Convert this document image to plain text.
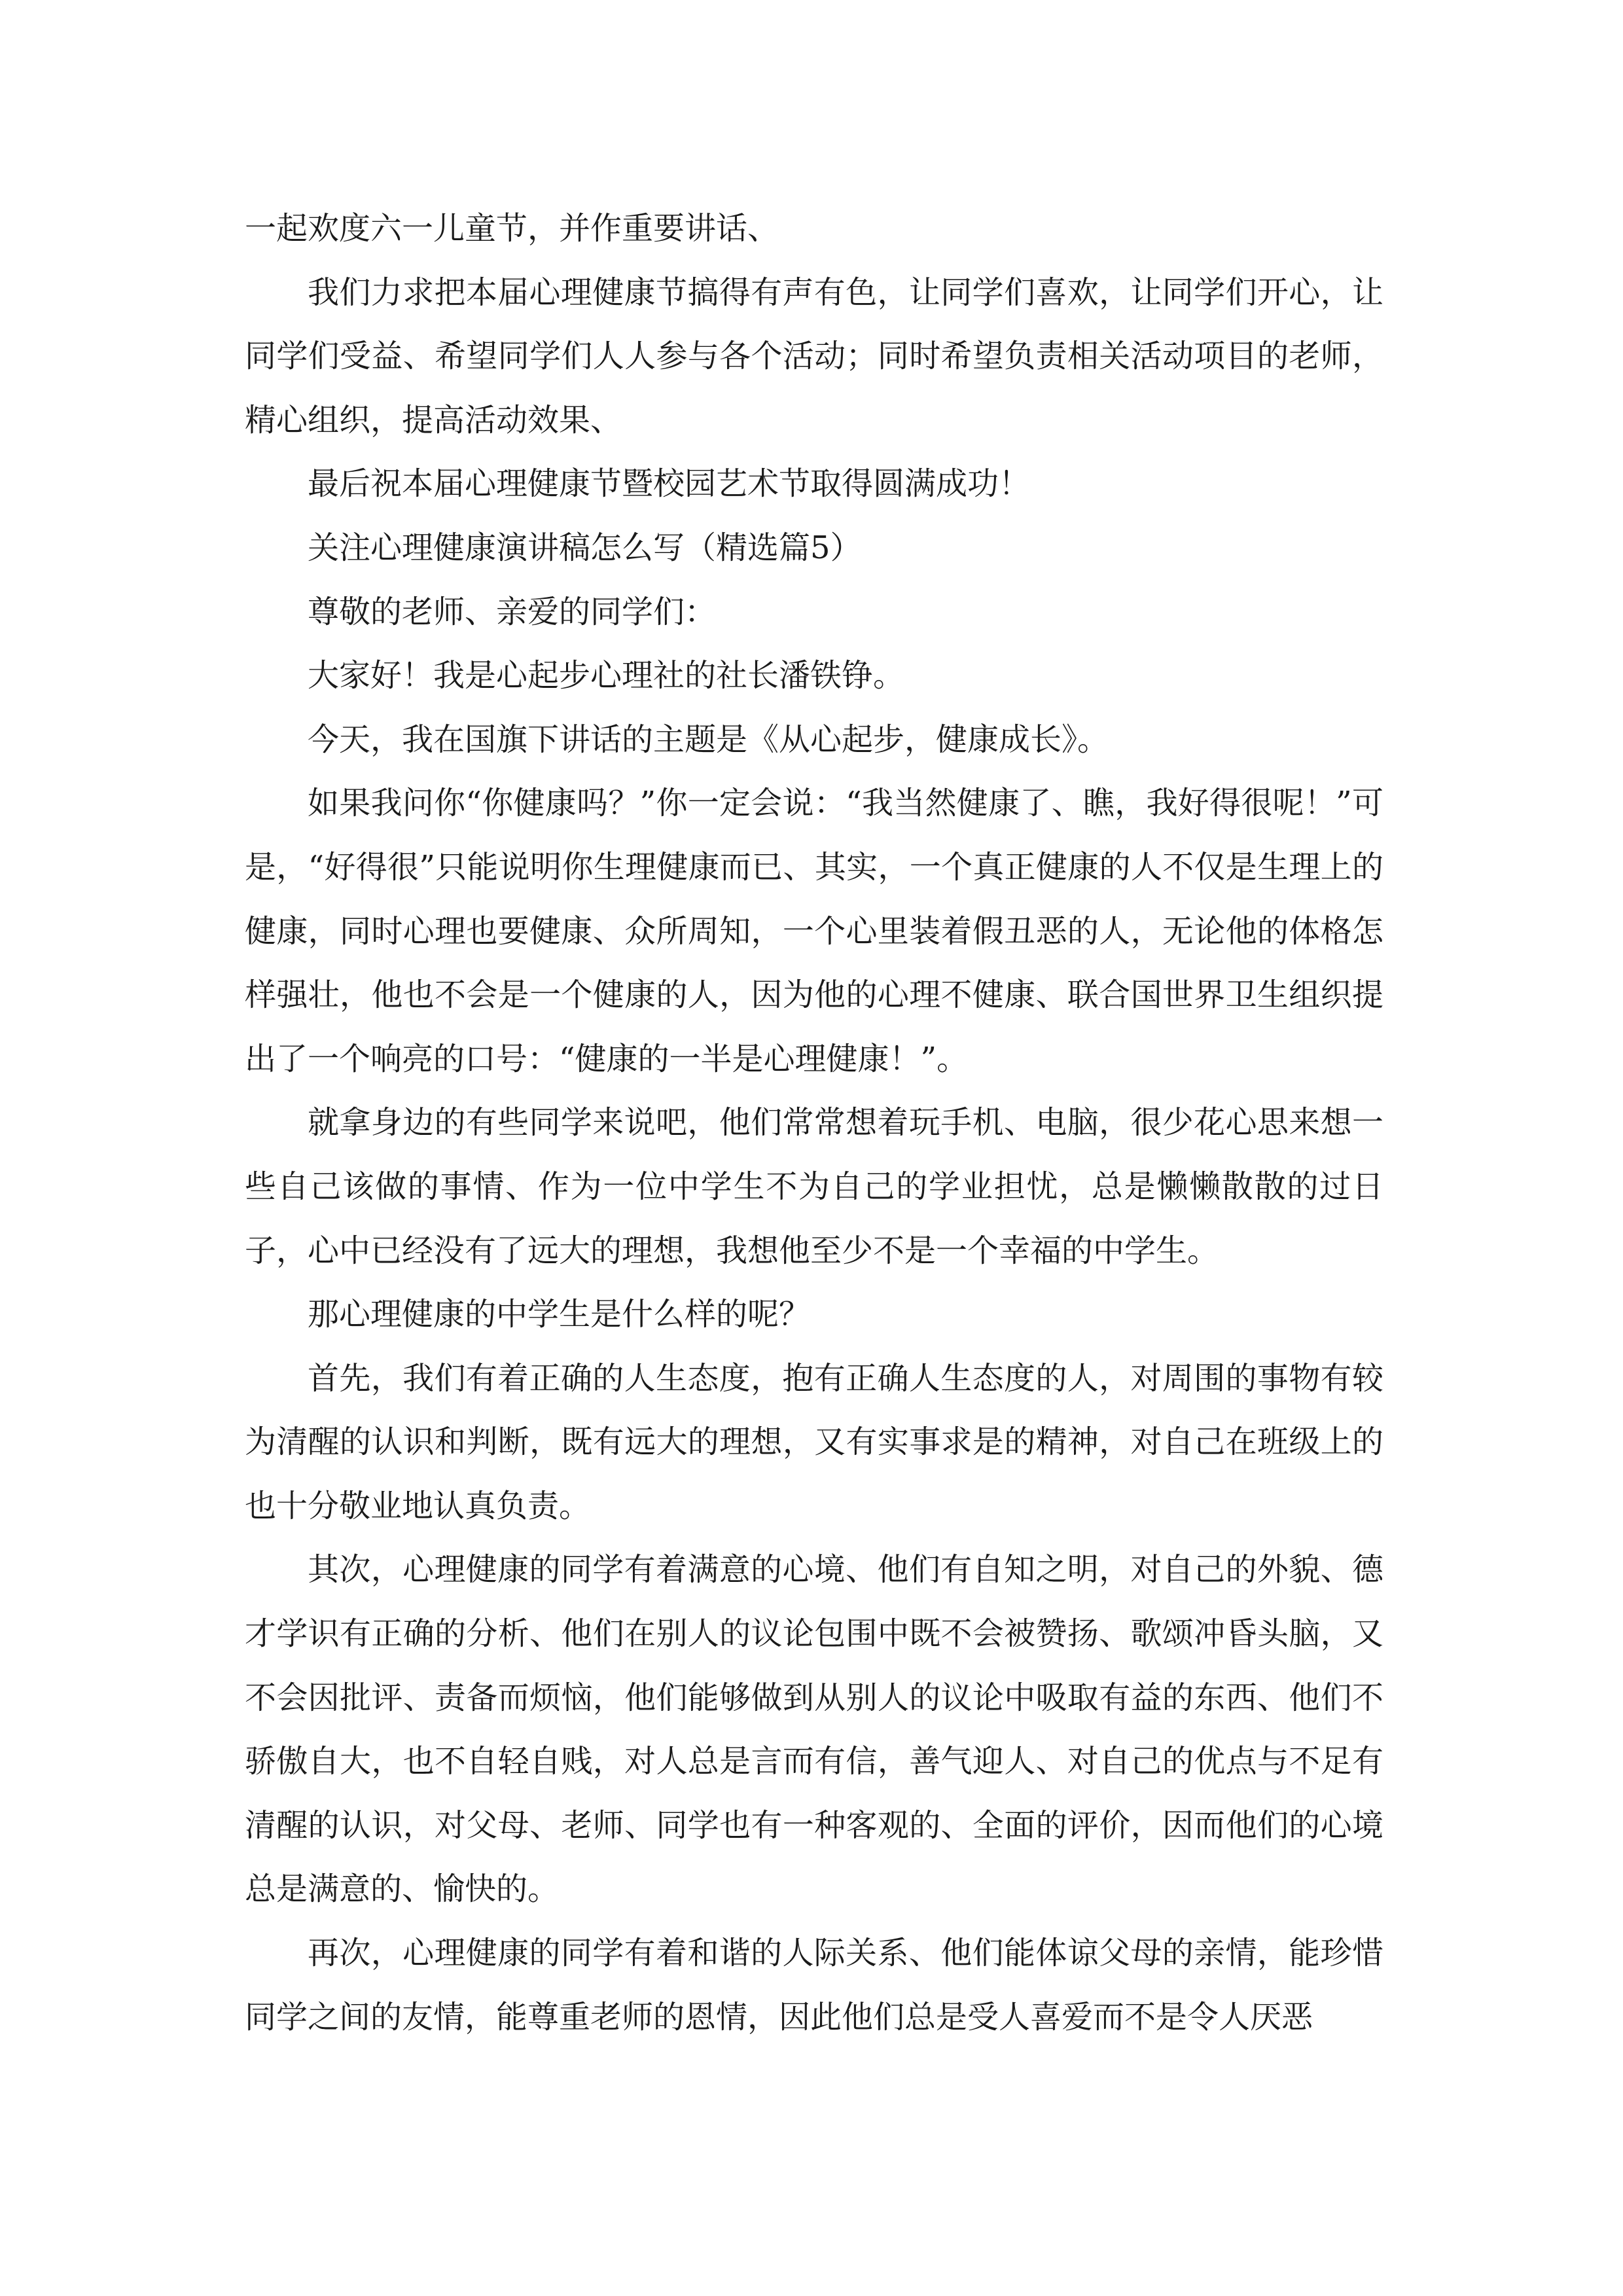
一起欢度六一儿童节，并作重要讲话、

我们力求把本届心理健康节搞得有声有色，让同学们喜欢，让同学们开心，让同学们受益、希望同学们人人参与各个活动；同时希望负责相关活动项目的老师，精心组织，提高活动效果、

最后祝本届心理健康节暨校园艺术节取得圆满成功！

关注心理健康演讲稿怎么写（精选篇5）

尊敬的老师、亲爱的同学们：

大家好！我是心起步心理社的社长潘铁铮。

今天，我在国旗下讲话的主题是《从心起步，健康成长》。

如果我问你“你健康吗？”你一定会说：“我当然健康了、瞧，我好得很呢！”可是，“好得很”只能说明你生理健康而已、其实，一个真正健康的人不仅是生理上的健康，同时心理也要健康、众所周知，一个心里装着假丑恶的人，无论他的体格怎样强壮，他也不会是一个健康的人，因为他的心理不健康、联合国世界卫生组织提出了一个响亮的口号：“健康的一半是心理健康！”。

就拿身边的有些同学来说吧，他们常常想着玩手机、电脑，很少花心思来想一些自己该做的事情、作为一位中学生不为自己的学业担忧，总是懒懒散散的过日子，心中已经没有了远大的理想，我想他至少不是一个幸福的中学生。

那心理健康的中学生是什么样的呢？

首先，我们有着正确的人生态度，抱有正确人生态度的人，对周围的事物有较为清醒的认识和判断，既有远大的理想，又有实事求是的精神，对自己在班级上的也十分敬业地认真负责。

其次，心理健康的同学有着满意的心境、他们有自知之明，对自己的外貌、德才学识有正确的分析、他们在别人的议论包围中既不会被赞扬、歌颂冲昏头脑，又不会因批评、责备而烦恼，他们能够做到从别人的议论中吸取有益的东西、他们不骄傲自大，也不自轻自贱，对人总是言而有信，善气迎人、对自己的优点与不足有清醒的认识，对父母、老师、同学也有一种客观的、全面的评价，因而他们的心境总是满意的、愉快的。

再次，心理健康的同学有着和谐的人际关系、他们能体谅父母的亲情，能珍惜同学之间的友情，能尊重老师的恩情，因此他们总是受人喜爱而不是令人厌恶
